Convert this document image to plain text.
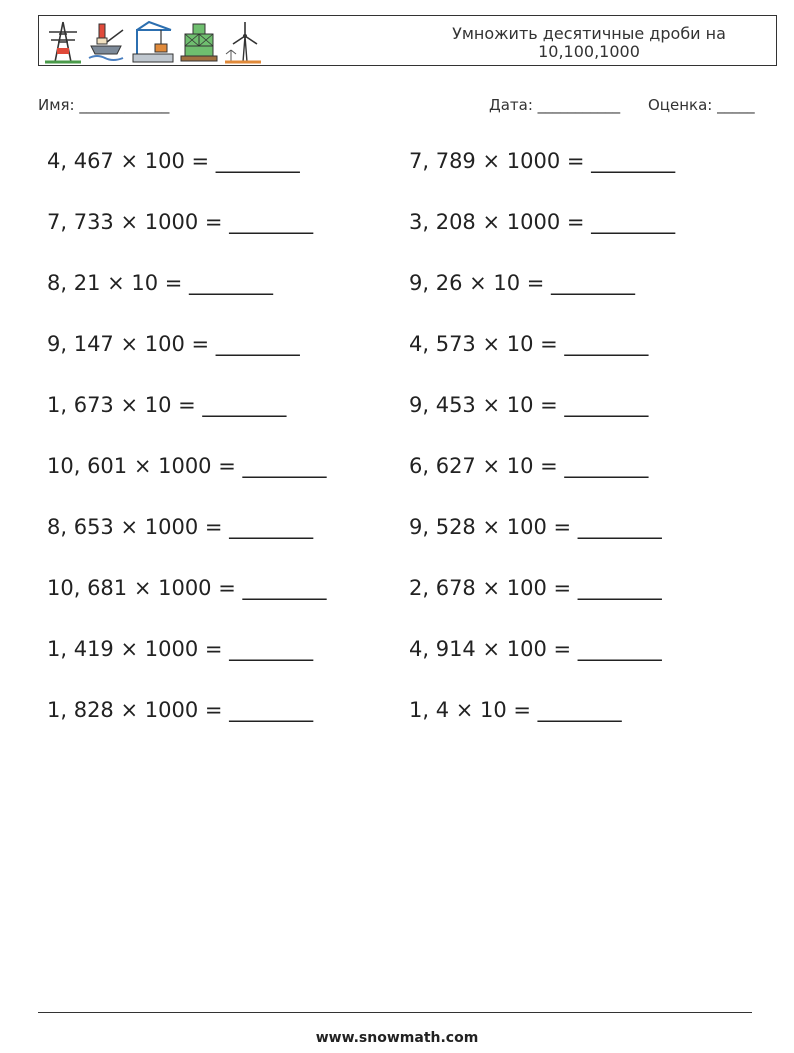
Умножить десятичные дроби на
10,100,1000
Имя: ____________	Дата: ___________ Оценка: _____
4, 467 × 100 = ________	7, 789 × 1000 = ________
7, 733 × 1000 = ________	3, 208 × 1000 = ________
8, 21 × 10 = ________	9, 26 × 10 = ________
9, 147 × 100 = ________	4, 573 × 10 = ________
1, 673 × 10 = ________	9, 453 × 10 = ________
10, 601 × 1000 = ________	6, 627 × 10 = ________
8, 653 × 1000 = ________	9, 528 × 100 = ________
10, 681 × 1000 = ________	2, 678 × 100 = ________
1, 419 × 1000 = ________	4, 914 × 100 = ________
1, 828 × 1000 = ________	1, 4 × 10 = ________
www.snowmath.com
